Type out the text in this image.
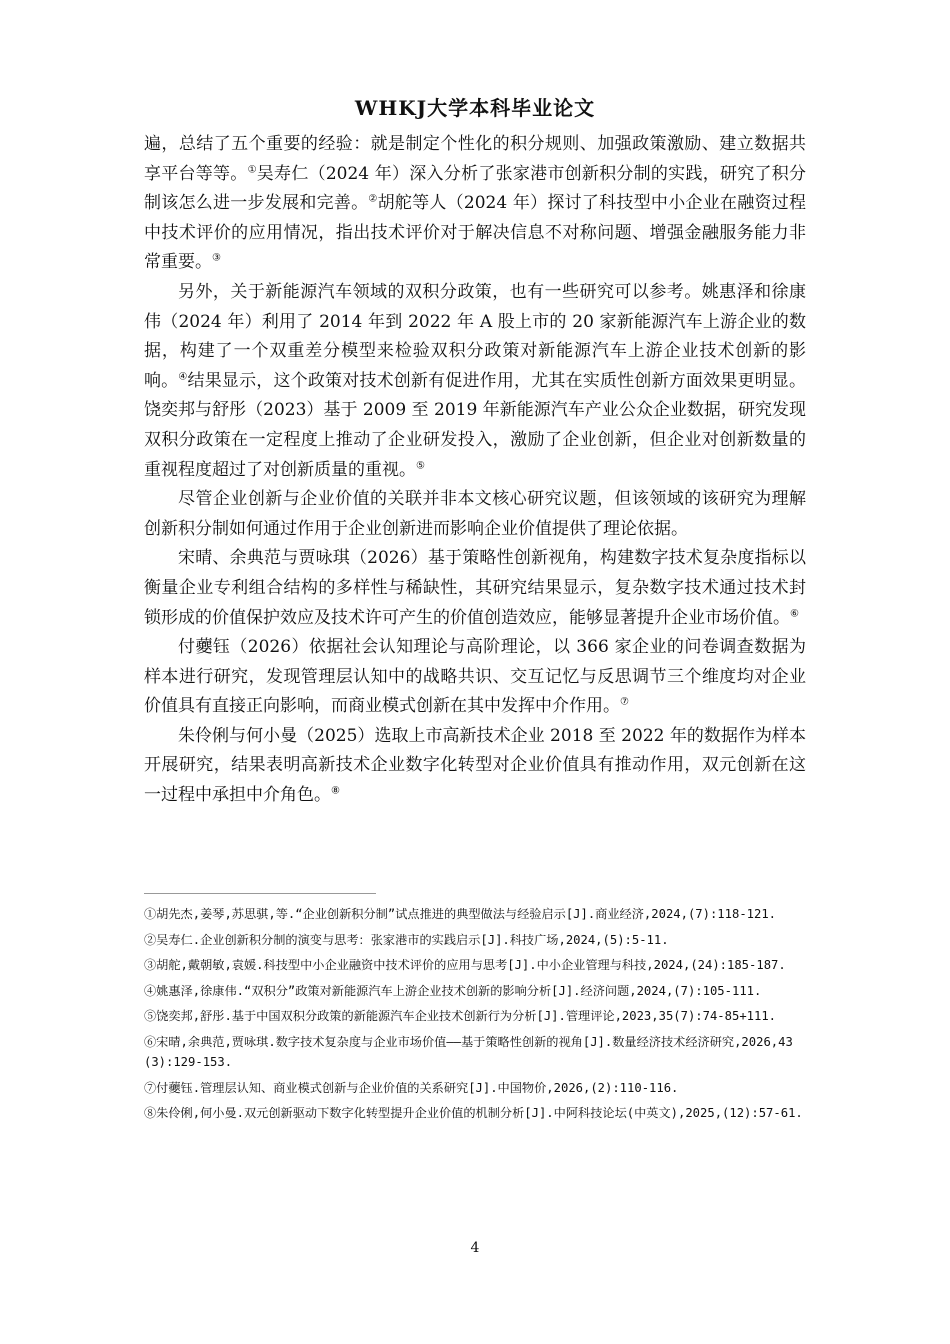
WHKJ大学本科毕业论文

遍，总结了五个重要的经验：就是制定个性化的积分规则、加强政策激励、建立数据共享平台等等。①吴寿仁（2024 年）深入分析了张家港市创新积分制的实践，研究了积分制该怎么进一步发展和完善。②胡舵等人（2024 年）探讨了科技型中小企业在融资过程中技术评价的应用情况，指出技术评价对于解决信息不对称问题、增强金融服务能力非常重要。③

另外，关于新能源汽车领域的双积分政策，也有一些研究可以参考。姚惠泽和徐康伟（2024 年）利用了 2014 年到 2022 年 A 股上市的 20 家新能源汽车上游企业的数据，构建了一个双重差分模型来检验双积分政策对新能源汽车上游企业技术创新的影响。④结果显示，这个政策对技术创新有促进作用，尤其在实质性创新方面效果更明显。饶奕邦与舒彤（2023）基于 2009 至 2019 年新能源汽车产业公众企业数据，研究发现双积分政策在一定程度上推动了企业研发投入，激励了企业创新，但企业对创新数量的重视程度超过了对创新质量的重视。⑤

尽管企业创新与企业价值的关联并非本文核心研究议题，但该领域的该研究为理解创新积分制如何通过作用于企业创新进而影响企业价值提供了理论依据。

宋晴、余典范与贾咏琪（2026）基于策略性创新视角，构建数字技术复杂度指标以衡量企业专利组合结构的多样性与稀缺性，其研究结果显示，复杂数字技术通过技术封锁形成的价值保护效应及技术许可产生的价值创造效应，能够显著提升企业市场价值。⑥

付虁钰（2026）依据社会认知理论与高阶理论，以 366 家企业的问卷调查数据为样本进行研究，发现管理层认知中的战略共识、交互记忆与反思调节三个维度均对企业价值具有直接正向影响，而商业模式创新在其中发挥中介作用。⑦

朱伶俐与何小曼（2025）选取上市高新技术企业 2018 至 2022 年的数据作为样本开展研究，结果表明高新技术企业数字化转型对企业价值具有推动作用，双元创新在这一过程中承担中介角色。⑧

①胡先杰,姜琴,苏思骐,等.“企业创新积分制”试点推进的典型做法与经验启示[J].商业经济,2024,(7):118-121.

②吴寿仁.企业创新积分制的演变与思考：张家港市的实践启示[J].科技广场,2024,(5):5-11.

③胡舵,戴朝敏,袁媛.科技型中小企业融资中技术评价的应用与思考[J].中小企业管理与科技,2024,(24):185-187.

④姚惠泽,徐康伟.“双积分”政策对新能源汽车上游企业技术创新的影响分析[J].经济问题,2024,(7):105-111.

⑤饶奕邦,舒彤.基于中国双积分政策的新能源汽车企业技术创新行为分析[J].管理评论,2023,35(7):74-85+111.

⑥宋晴,余典范,贾咏琪.数字技术复杂度与企业市场价值——基于策略性创新的视角[J].数量经济技术经济研究,2026,43(3):129-153.

⑦付虁钰.管理层认知、商业模式创新与企业价值的关系研究[J].中国物价,2026,(2):110-116.

⑧朱伶俐,何小曼.双元创新驱动下数字化转型提升企业价值的机制分析[J].中阿科技论坛(中英文),2025,(12):57-61.

4
